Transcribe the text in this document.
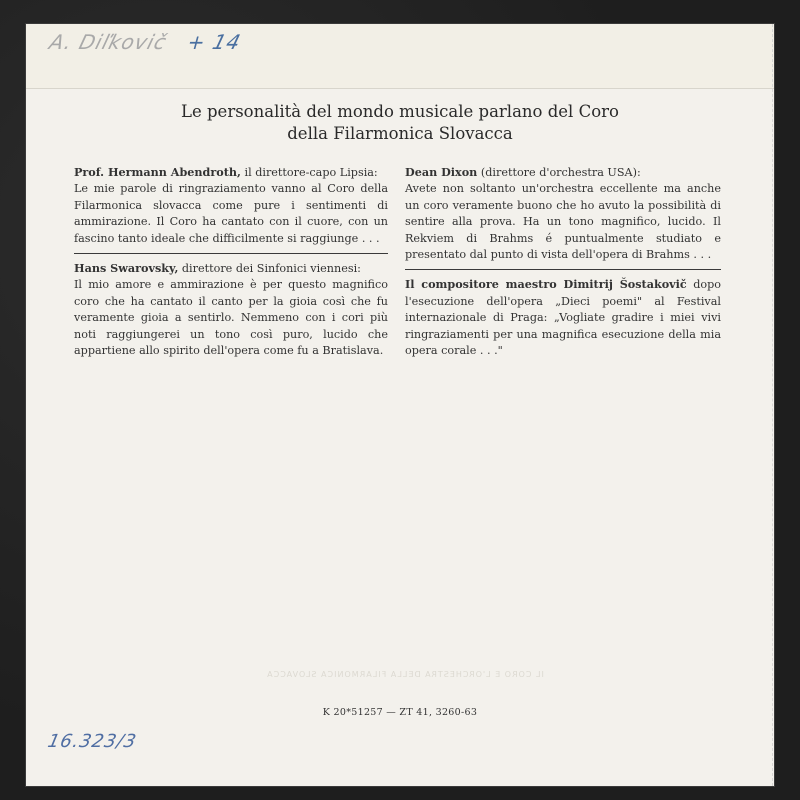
A. Diľkovič + 14
Le personalità del mondo musicale parlano del Coro
della Filarmonica Slovacca

Prof. Hermann Abendroth, il direttore-capo Lipsia:
Le mie parole di ringraziamento vanno al Coro della Filarmonica slovacca come pure i sentimenti di ammirazione. Il Coro ha cantato con il cuore, con un fascino tanto ideale che difficilmente si raggiunge . . .

Hans Swarovsky, direttore dei Sinfonici viennesi:
Il mio amore e ammirazione è per questo magnifico coro che ha cantato il canto per la gioia così che fu veramente gioia a sentirlo. Nemmeno con i cori più noti raggiungerei un tono così puro, lucido che appartiene allo spirito dell'opera come fu a Bratislava.

Dean Dixon (direttore d'orchestra USA):
Avete non soltanto un'orchestra eccellente ma anche un coro veramente buono che ho avuto la possibilità di sentire alla prova. Ha un tono magnifico, lucido. Il Rekviem di Brahms é puntualmente studiato e presentato dal punto di vista dell'opera di Brahms . . .

Il compositore maestro Dimitrij Šostakovič dopo l'esecuzione dell'opera „Dieci poemi" al Festival internazionale di Praga: „Vogliate gradire i miei vivi ringraziamenti per una magnifica esecuzione della mia opera corale . . ."

IL CORO E L'ORCHESTRA DELLA FILARMONICA SLOVACCA
K 20*51257 — ZT 41, 3260-63
16.323/3
